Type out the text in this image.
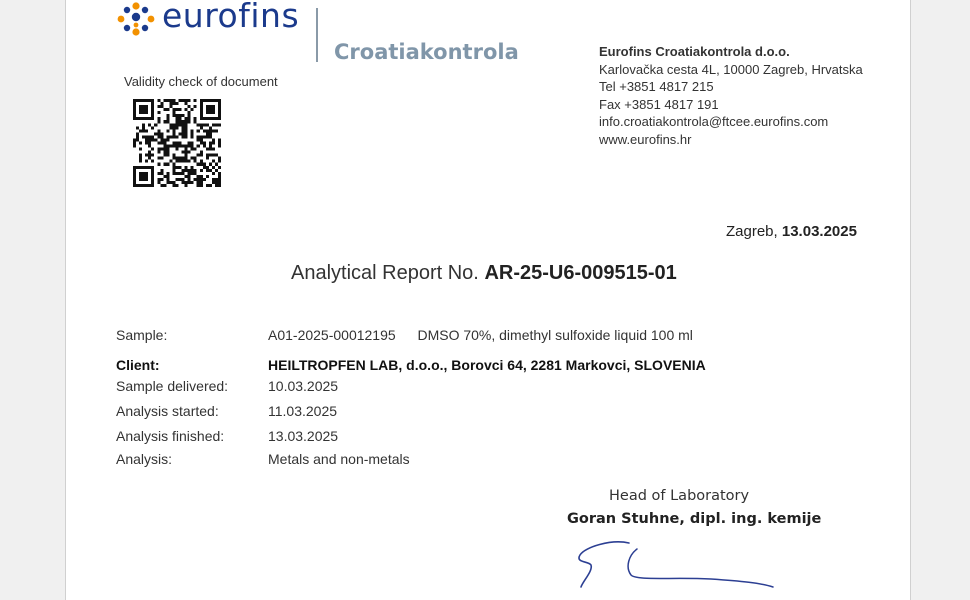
eurofins
Croatiakontrola
Validity check of document
Eurofins Croatiakontrola d.o.o.
Karlovačka cesta 4L, 10000 Zagreb, Hrvatska
Tel +3851 4817 215
Fax +3851 4817 191
info.croatiakontrola@ftcee.eurofins.com
www.eurofins.hr
Zagreb, 13.03.2025
Analytical Report No. AR-25-U6-009515-01
Sample:	A01-2025-00012195 DMSO 70%, dimethyl sulfoxide liquid 100 ml
Client:	HEILTROPFEN LAB, d.o.o., Borovci 64, 2281 Markovci, SLOVENIA
Sample delivered:	10.03.2025
Analysis started:	11.03.2025
Analysis finished:	13.03.2025
Analysis:	Metals and non-metals
Head of Laboratory
Goran Stuhne, dipl. ing. kemije
